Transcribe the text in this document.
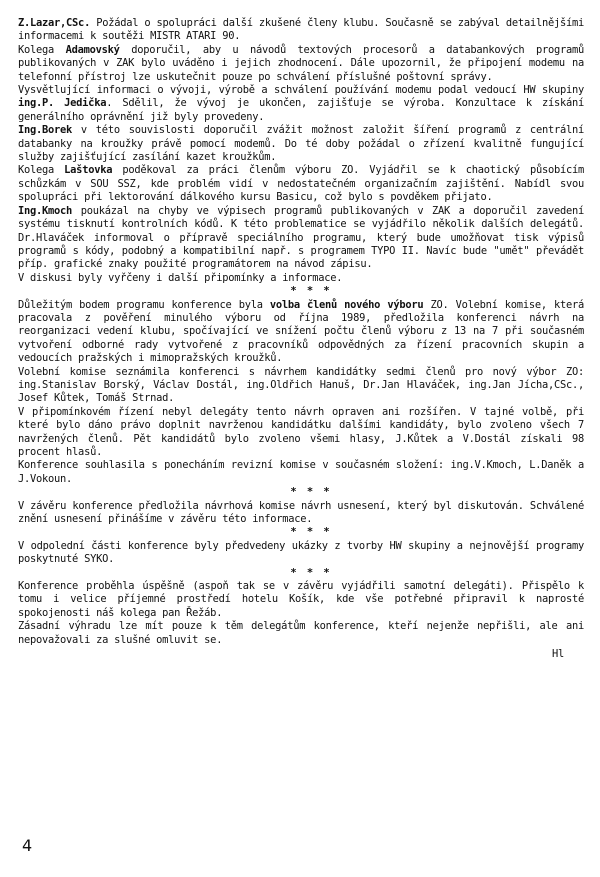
Z.Lazar,CSc. Požádal o spolupráci další zkušené členy klubu. Současně se zabýval detailnějšími informacemi k soutěži MISTR ATARI 90.

Kolega Adamovský doporučil, aby u návodů textových procesorů a databankových programů publikovaných v ZAK bylo uváděno i jejich zhodnocení. Dále upozornil, že připojení modemu na telefonní přístroj lze uskutečnit pouze po schválení příslušné poštovní správy.

Vysvětlující informaci o vývoji, výrobě a schválení používání modemu podal vedoucí HW skupiny ing.P. Jedička. Sdělil, že vývoj je ukončen, zajišťuje se výroba. Konzultace k získání generálního oprávnění již byly provedeny.

Ing.Borek v této souvislosti doporučil zvážit možnost založit šíření programů z centrální databanky na kroužky právě pomocí modemů. Do té doby požádal o zřízení kvalitně fungující služby zajišťující zasílání kazet kroužkům.

Kolega Laštovka poděkoval za práci členům výboru ZO. Vyjádřil se k chaotický působícím schůzkám v SOU SSZ, kde problém vidí v nedostatečném organizačním zajištění. Nabídl svou spolupráci při lektorování dálkového kursu Basicu, což bylo s povděkem přijato.

Ing.Kmoch poukázal na chyby ve výpisech programů publikovaných v ZAK a doporučil zavedení systému tisknutí kontrolních kódů. K této problematice se vyjádřilo několik dalších delegátů. Dr.Hlaváček informoval o přípravě speciálního programu, který bude umožňovat tisk výpisů programů s kódy, podobný a kompatibilní např. s programem TYPO II. Navíc bude "umět" převádět příp. grafické znaky použité programátorem na návod zápisu.

V diskusi byly vyřčeny i další připomínky a informace.

* * *

Důležitým bodem programu konference byla volba členů nového výboru ZO. Volební komise, která pracovala z pověření minulého výboru od října 1989, předložila konferenci návrh na reorganizaci vedení klubu, spočívající ve snížení počtu členů výboru z 13 na 7 při současném vytvoření odborné rady vytvořené z pracovníků odpovědných za řízení pracovních skupin a vedoucích pražských i mimopražských kroužků.

Volební komise seznámila konferenci s návrhem kandidátky sedmi členů pro nový výbor ZO: ing.Stanislav Borský, Václav Dostál, ing.Oldřich Hanuš, Dr.Jan Hlaváček, ing.Jan Jícha,CSc., Josef Kůtek, Tomáš Strnad.

V připomínkovém řízení nebyl delegáty tento návrh opraven ani rozšířen. V tajné volbě, při které bylo dáno právo doplnit navrženou kandidátku dalšími kandidáty, bylo zvoleno všech 7 navržených členů. Pět kandidátů bylo zvoleno všemi hlasy, J.Kůtek a V.Dostál získali 98 procent hlasů.

Konference souhlasila s ponecháním revizní komise v současném složení: ing.V.Kmoch, L.Daněk a J.Vokoun.

* * *

V závěru konference předložila návrhová komise návrh usnesení, který byl diskutován. Schválené znění usnesení přinášíme v závěru této informace.

* * *

V odpolední části konference byly předvedeny ukázky z tvorby HW skupiny a nejnovější programy poskytnuté SYKO.

* * *

Konference proběhla úspěšně (aspoň tak se v závěru vyjádřili samotní delegáti). Přispělo k tomu i velice příjemné prostředí hotelu Košík, kde vše potřebné připravil k naprosté spokojenosti náš kolega pan Řežáb.

Zásadní výhradu lze mít pouze k těm delegátům konference, kteří nejenže nepřišli, ale ani nepovažovali za slušné omluvit se.

Hl

4
